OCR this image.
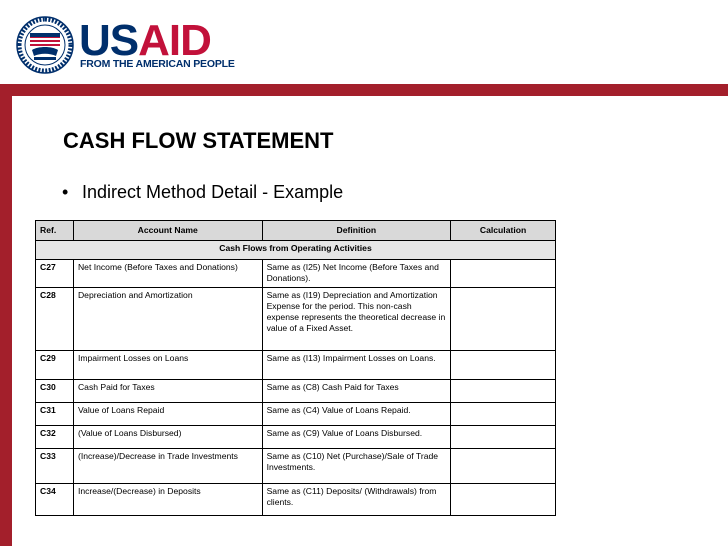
USAID
FROM THE AMERICAN PEOPLE
CASH FLOW STATEMENT
• Indirect Method Detail - Example
Ref.	Account Name	Definition	Calculation
Cash Flows from Operating Activities			
C27	Net Income (Before Taxes and Donations)	Same as (I25) Net Income (Before Taxes and Donations).	
C28	Depreciation and Amortization	Same as (I19) Depreciation and Amortization Expense for the period. This non-cash expense represents the theoretical decrease in value of a Fixed Asset.	
C29	Impairment Losses on Loans	Same as (I13) Impairment Losses on Loans.	
C30	Cash Paid for Taxes	Same as (C8) Cash Paid for Taxes	
C31	Value of Loans Repaid	Same as (C4) Value of Loans Repaid.	
C32	(Value of Loans Disbursed)	Same as (C9) Value of Loans Disbursed.	
C33	(Increase)/Decrease in Trade Investments	Same as (C10) Net (Purchase)/Sale of Trade Investments.	
C34	Increase/(Decrease) in Deposits	Same as (C11) Deposits/ (Withdrawals) from clients.	
